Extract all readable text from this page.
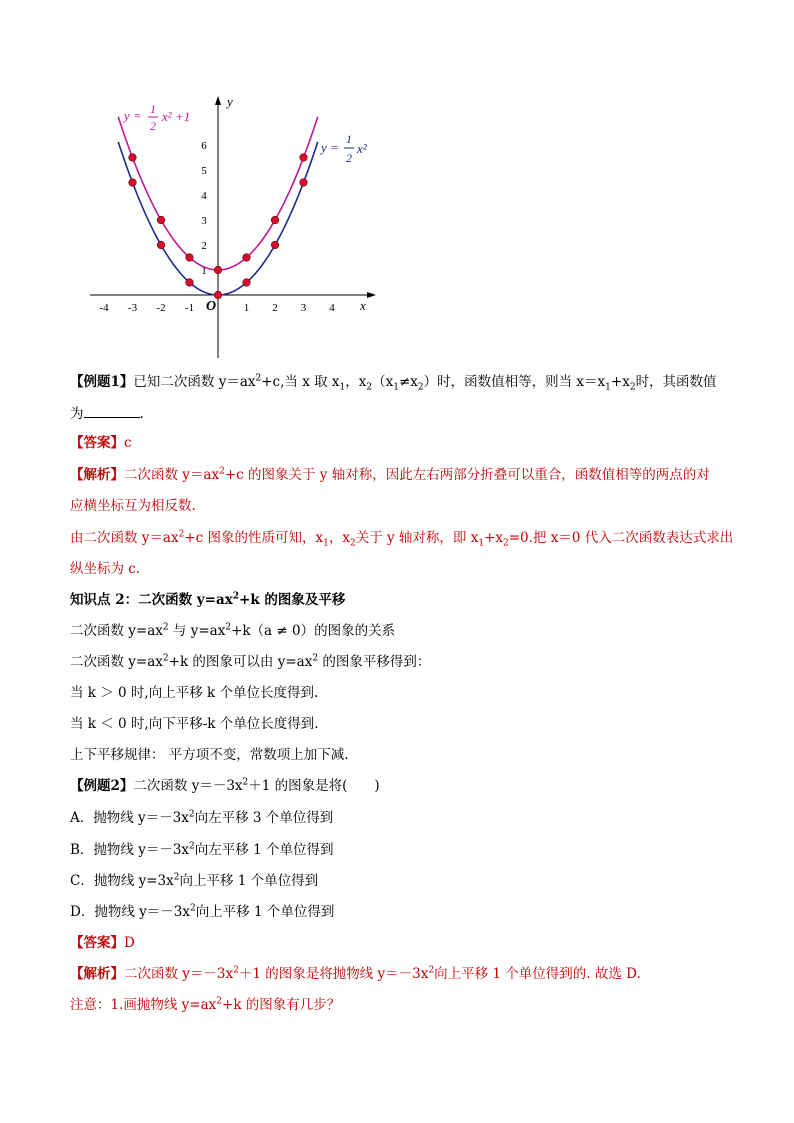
y
x
O
6
5
4
3
2
1
-4 -3 -2 -1	1 2 3 4
y = 1
2
x² +1
y =
1
2
x²
【例题1】已知二次函数 $y=ax^2+c$,当 x 取 $x_1$，$x_2(x_1\ne x_2)$时，函数值相等，则当 $x=x_1+x_2$时，其函数值
为	.
【答案】c
【解析】二次函数 $y=ax^2+c$ 的图象关于 y 轴对称，因此左右两部分折叠可以重合，函数值相等的两点的对
应横坐标互为相反数.
由二次函数 $y=ax^2+c$ 图象的性质可知，$x_1$，$x_2$关于 y 轴对称，即 $x_1+x_2=0$.把 x＝0 代入二次函数表达式求出
纵坐标为 c.
知识点 2：二次函数 $y=ax^2+k$ 的图象及平移
二次函数 $y=ax^2$ 与 $y=ax^2+k(a \ne 0)$的图象的关系
二次函数 $y=ax^2+k$ 的图象可以由 $y=ax^2$ 的图象平移得到：
当 k ＞ 0 时,向上平移 k 个单位长度得到.
当 k ＜ 0 时,向下平移-k 个单位长度得到.
上下平移规律： 平方项不变，常数项上加下减.
【例题2】二次函数 $y=-3x^2+1$ 的图象是将(　　)
A．抛物线 $y=-3x^2$向左平移 3 个单位得到
B．抛物线 $y=-3x^2$向左平移 1 个单位得到
C．抛物线 $y=3x^2$向上平移 1 个单位得到
D．抛物线 $y=-3x^2$向上平移 1 个单位得到
【答案】D
【解析】二次函数 $y=-3x^2+1$ 的图象是将抛物线 $y=-3x^2$向上平移 1 个单位得到的. 故选 D.
注意：1.画抛物线 $y=ax^2+k$ 的图象有几步？
